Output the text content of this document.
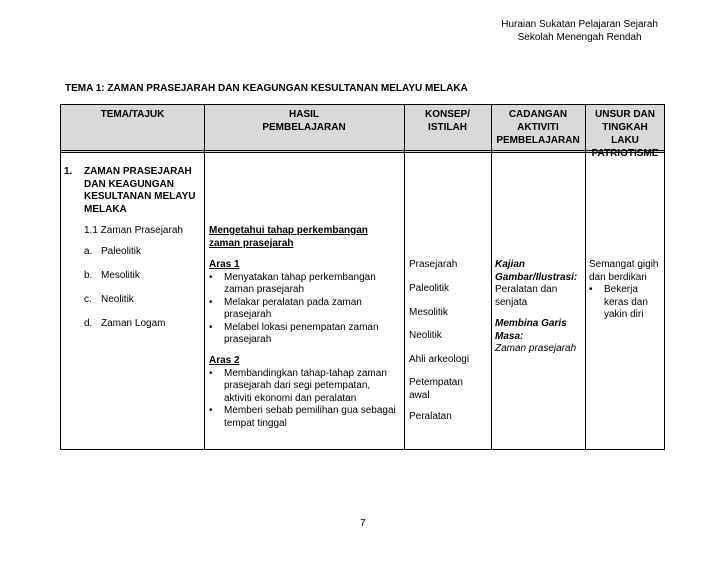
Huraian Sukatan Pelajaran Sejarah
Sekolah Menengah Rendah
TEMA 1: ZAMAN PRASEJARAH DAN KEAGUNGAN KESULTANAN MELAYU MELAKA
TEMA/TAJUK	HASIL
PEMBELAJARAN
KONSEP/
ISTILAH
CADANGAN
AKTIVITI
PEMBELAJARAN
UNSUR DAN
TINGKAH
LAKU
PATRIOTISME
1. ZAMAN PRASEJARAH
DAN KEAGUNGAN
KESULTANAN MELAYU
MELAKA
1.1 Zaman Prasejarah
a. Paleolitik
b. Mesolitik
c. Neolitik
d. Zaman Logam
Mengetahui tahap perkembangan
zaman prasejarah
Aras 1
• Menyatakan tahap perkembangan
zaman prasejarah
• Melakar peralatan pada zaman
prasejarah
• Melabel lokasi penempatan zaman
prasejarah
Aras 2
• Membandingkan tahap-tahap zaman
prasejarah dari segi petempatan,
aktiviti ekonomi dan peralatan
• Memberi sebab pemilihan gua sebagai
tempat tinggal
Prasejarah
Paleolitik
Mesolitik
Neolitik
Ahli arkeologi
Petempatan
awal
Peralatan
Kajian
Gambar/Ilustrasi:
Peralatan dan
senjata
Membina Garis
Masa:
Zaman prasejarah
Semangat gigih
dan berdikari
• Bekerja
keras dan
yakin diri
7
